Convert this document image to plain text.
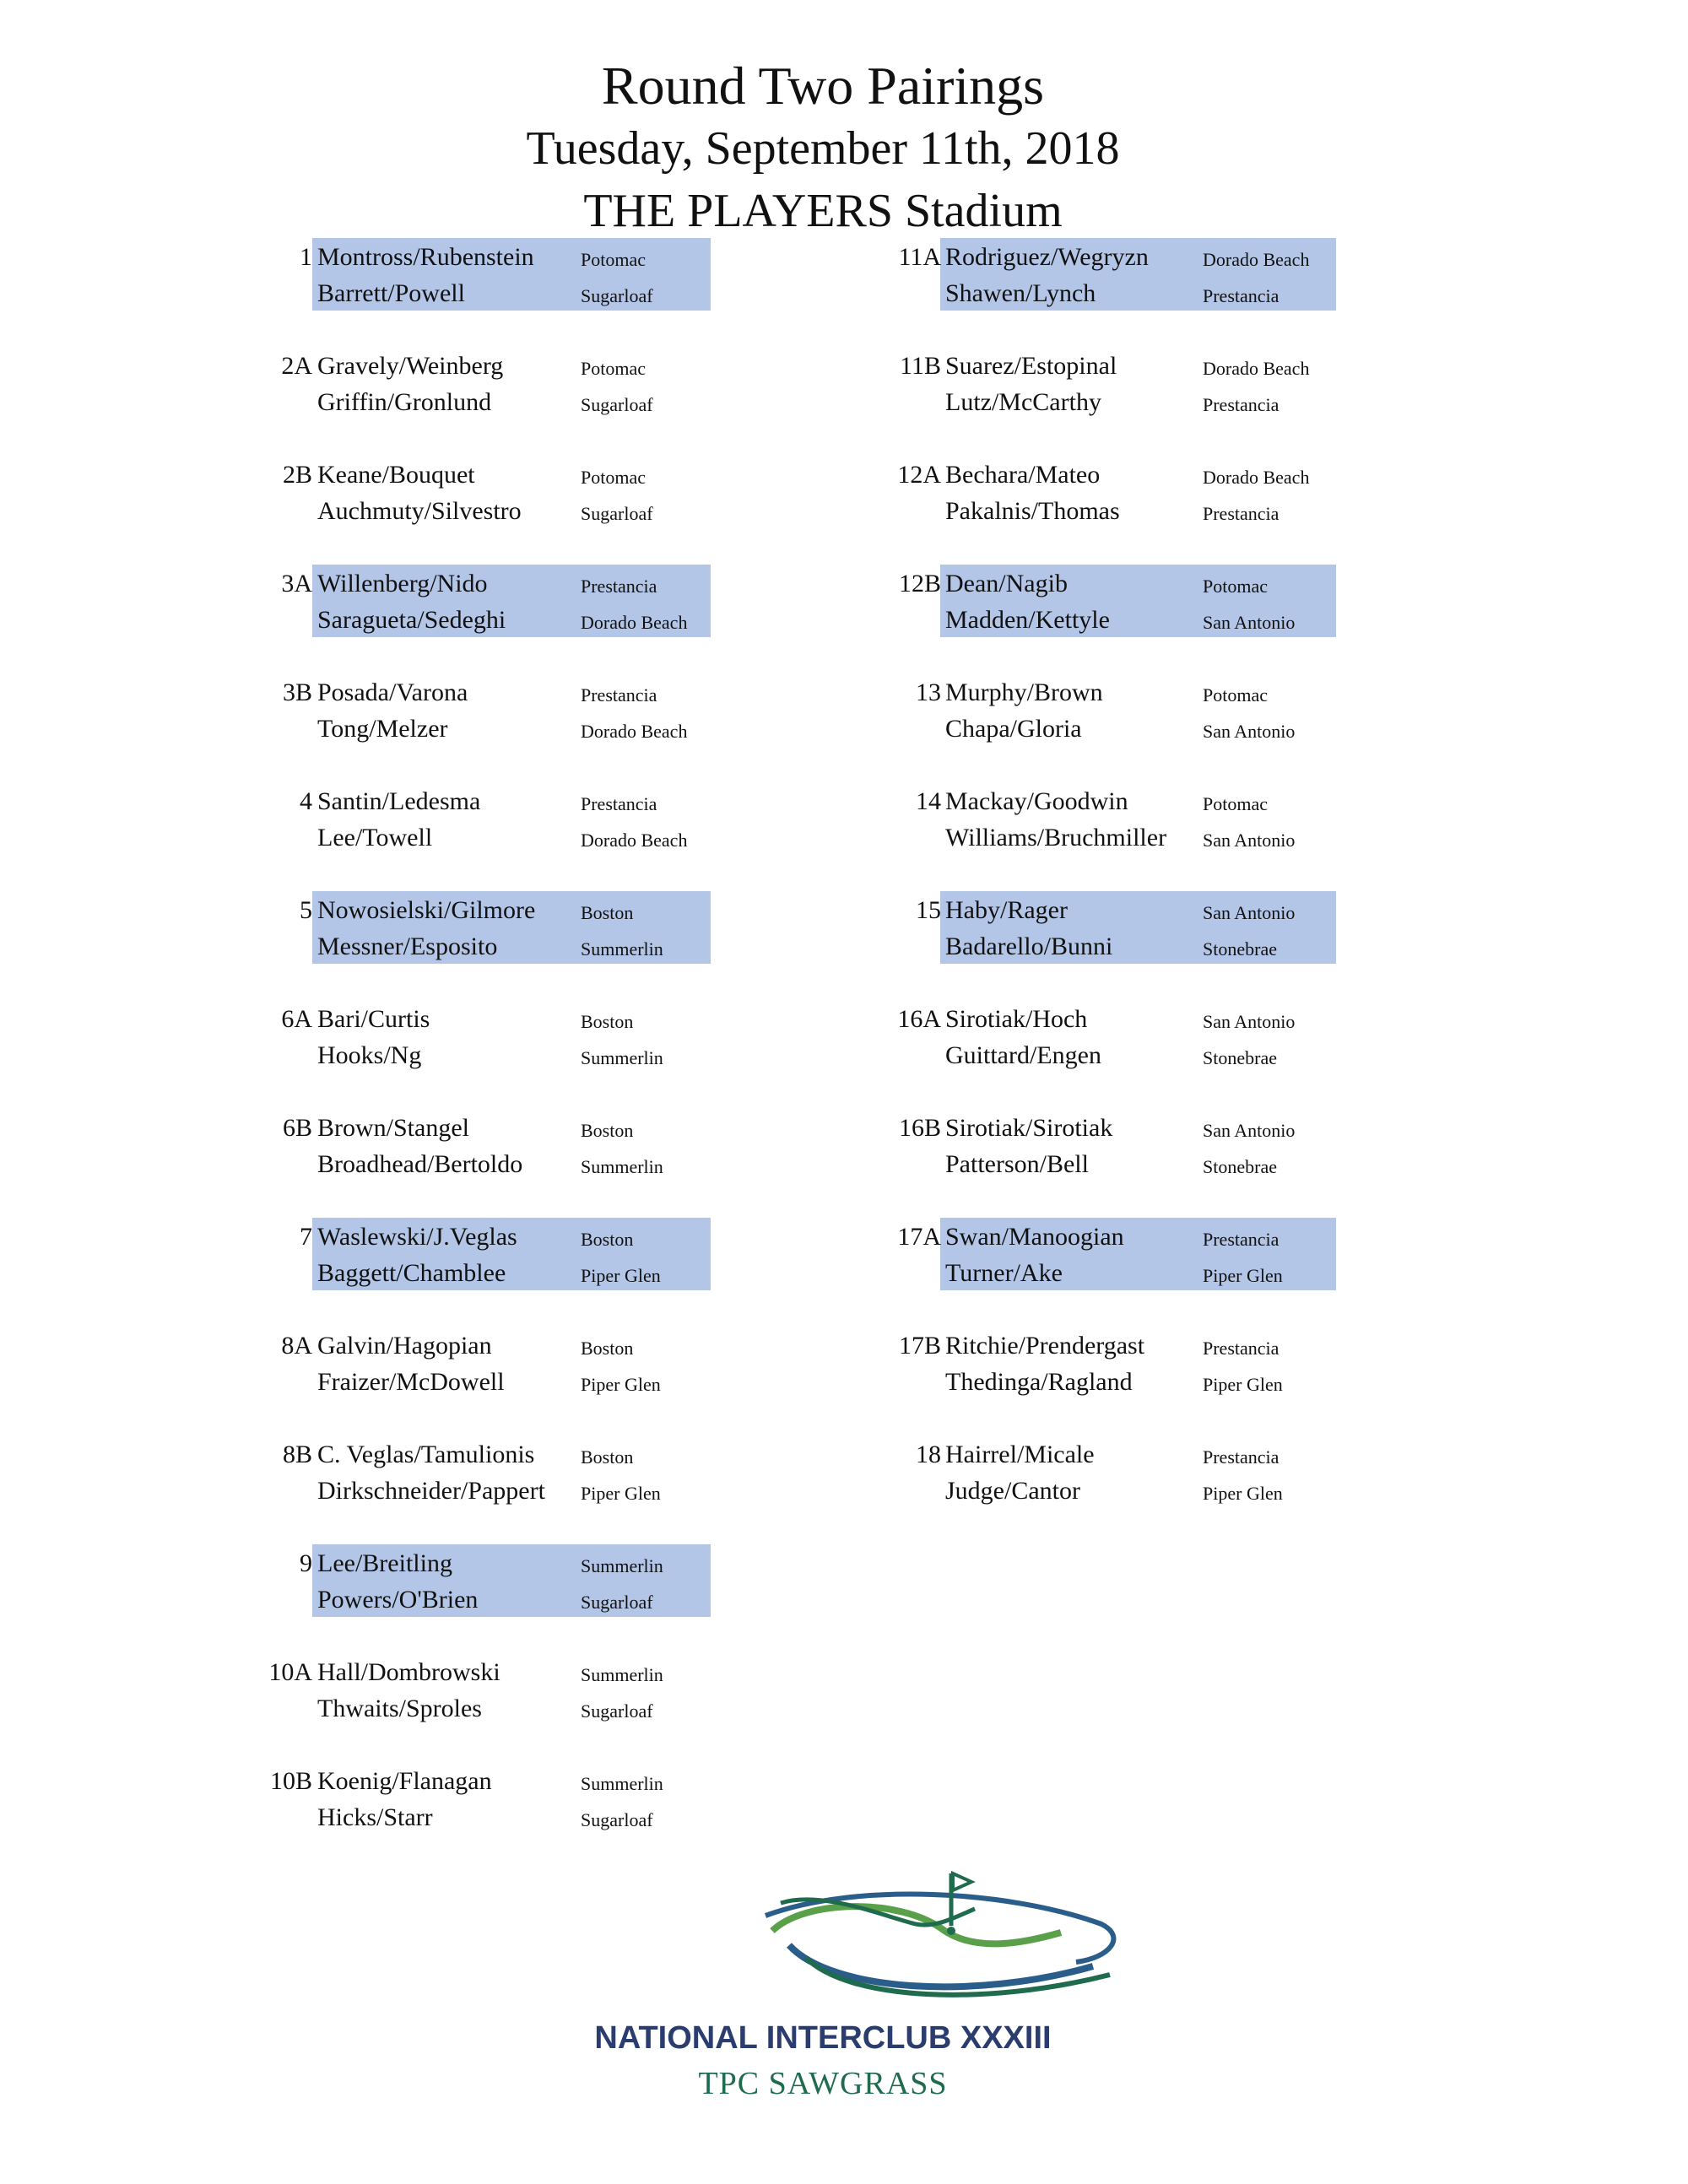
Round Two Pairings
Tuesday, September 11th, 2018
THE PLAYERS Stadium
1 Montross/Rubenstein	Potomac
Barrett/Powell	Sugarloaf
2A Gravely/Weinberg	Potomac
Griffin/Gronlund	Sugarloaf
2B Keane/Bouquet	Potomac
Auchmuty/Silvestro	Sugarloaf
3A Willenberg/Nido	Prestancia
Saragueta/Sedeghi	Dorado Beach
3B Posada/Varona	Prestancia
Tong/Melzer	Dorado Beach
4 Santin/Ledesma	Prestancia
Lee/Towell	Dorado Beach
5 Nowosielski/Gilmore Boston
Messner/Esposito	Summerlin
6A Bari/Curtis	Boston
Hooks/Ng	Summerlin
6B Brown/Stangel	Boston
Broadhead/Bertoldo	Summerlin
7 Waslewski/J.Veglas	Boston
Baggett/Chamblee	Piper Glen
8A Galvin/Hagopian	Boston
Fraizer/McDowell	Piper Glen
8B C. Veglas/Tamulionis Boston
Dirkschneider/Pappert Piper Glen
9 Lee/Breitling	Summerlin
Powers/O'Brien	Sugarloaf
10A Hall/Dombrowski	Summerlin
Thwaits/Sproles	Sugarloaf
10B Koenig/Flanagan	Summerlin
Hicks/Starr	Sugarloaf
11A Rodriguez/Wegryzn	Dorado Beach
Shawen/Lynch	Prestancia
11B Suarez/Estopinal	Dorado Beach
Lutz/McCarthy	Prestancia
12A Bechara/Mateo	Dorado Beach
Pakalnis/Thomas	Prestancia
12B Dean/Nagib	Potomac
Madden/Kettyle	San Antonio
13 Murphy/Brown	Potomac
Chapa/Gloria	San Antonio
14 Mackay/Goodwin	Potomac
Williams/Bruchmiller San Antonio
15 Haby/Rager	San Antonio
Badarello/Bunni	Stonebrae
16A Sirotiak/Hoch	San Antonio
Guittard/Engen	Stonebrae
16B Sirotiak/Sirotiak	San Antonio
Patterson/Bell	Stonebrae
17A Swan/Manoogian	Prestancia
Turner/Ake	Piper Glen
17B Ritchie/Prendergast	Prestancia
Thedinga/Ragland	Piper Glen
18 Hairrel/Micale	Prestancia
Judge/Cantor	Piper Glen
NATIONAL INTERCLUB XXXIII
TPC SAWGRASS
